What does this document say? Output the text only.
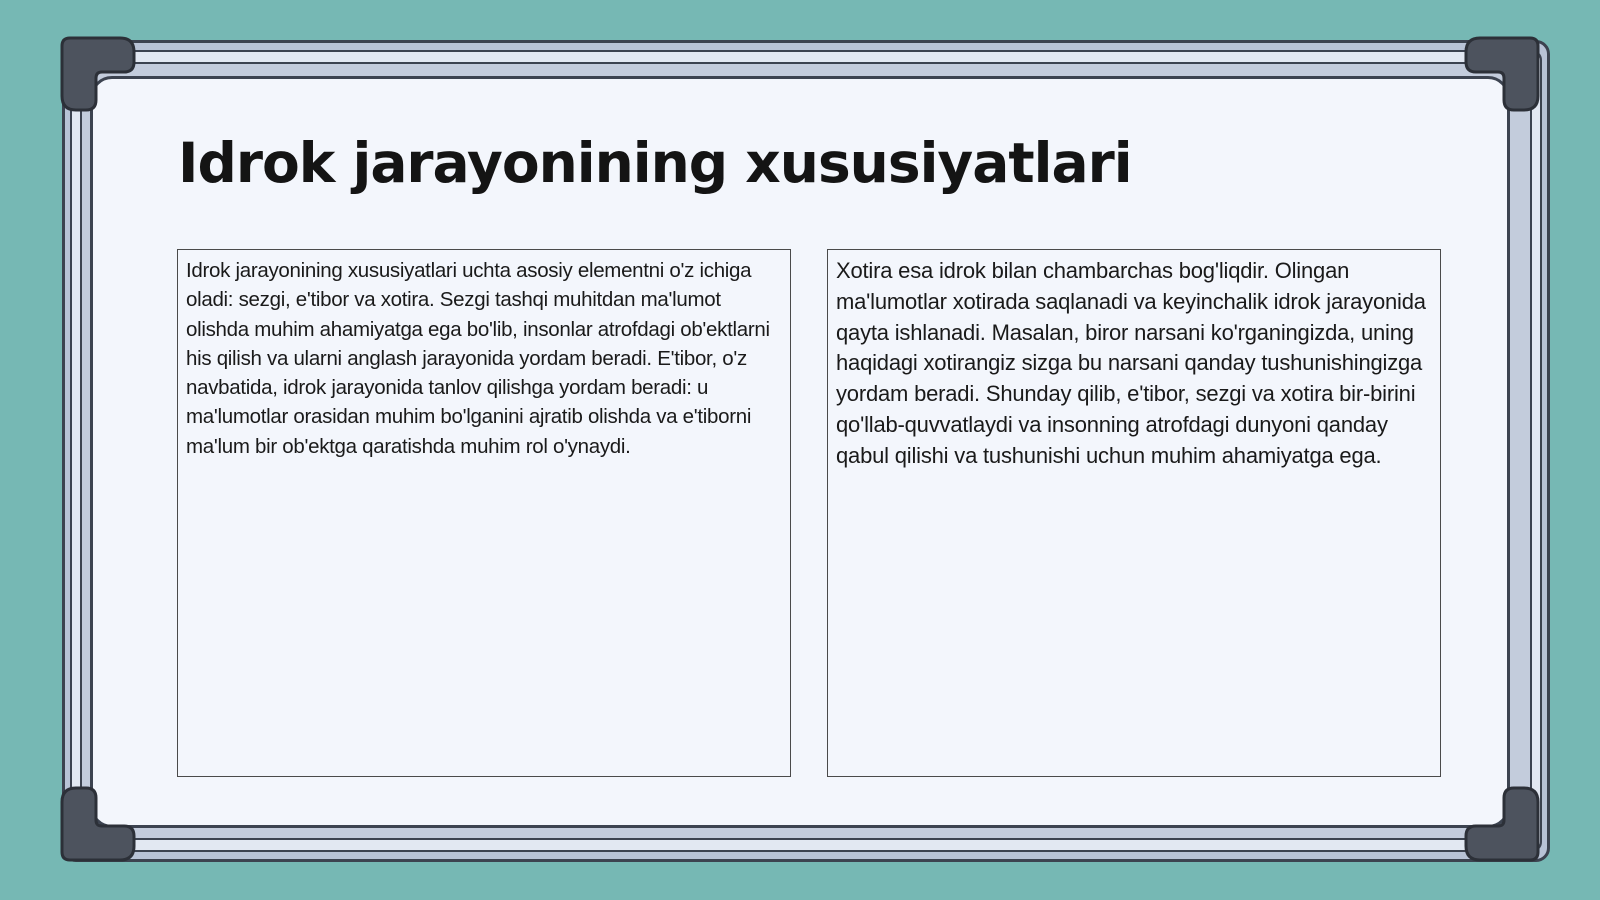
Idrok jarayonining xususiyatlari

Idrok jarayonining xususiyatlari uchta asosiy elementni o'z ichiga oladi: sezgi, e'tibor va xotira. Sezgi tashqi muhitdan ma'lumot olishda muhim ahamiyatga ega bo'lib, insonlar atrofdagi ob'ektlarni his qilish va ularni anglash jarayonida yordam beradi. E'tibor, o'z navbatida, idrok jarayonida tanlov qilishga yordam beradi: u ma'lumotlar orasidan muhim bo'lganini ajratib olishda va e'tiborni ma'lum bir ob'ektga qaratishda muhim rol o'ynaydi.

Xotira esa idrok bilan chambarchas bog'liqdir. Olingan ma'lumotlar xotirada saqlanadi va keyinchalik idrok jarayonida qayta ishlanadi. Masalan, biror narsani ko'rganingizda, uning haqidagi xotirangiz sizga bu narsani qanday tushunishingizga yordam beradi. Shunday qilib, e'tibor, sezgi va xotira bir-birini qo'llab-quvvatlaydi va insonning atrofdagi dunyoni qanday qabul qilishi va tushunishi uchun muhim ahamiyatga ega.
